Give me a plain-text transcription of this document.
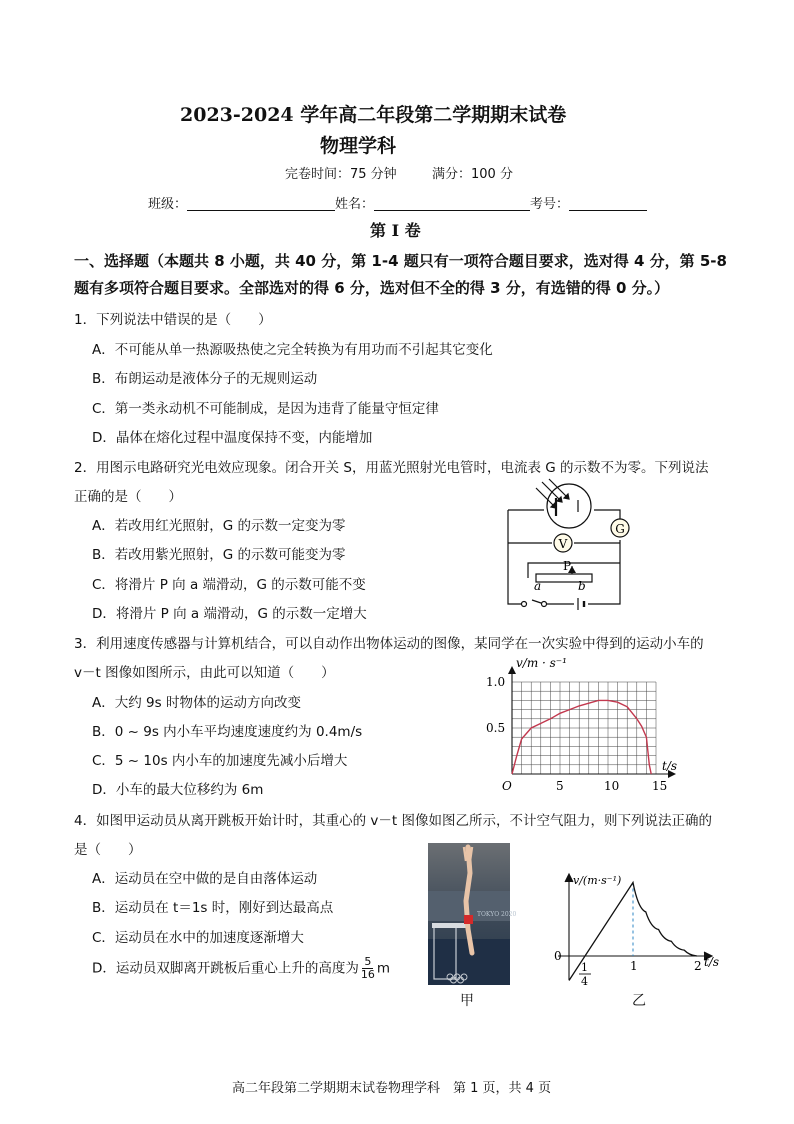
2023-2024 学年高二年段第二学期期末试卷
物理学科
完卷时间：75 分钟	满分：100 分
班级：	姓名：	考号：
第 I 卷
一、选择题（本题共 8 小题，共 40 分，第 1-4 题只有一项符合题目要求，选对得 4 分，第 5-8
题有多项符合题目要求。全部选对的得 6 分，选对但不全的得 3 分，有选错的得 0 分。）
1．下列说法中错误的是（　　）
A．不可能从单一热源吸热使之完全转换为有用功而不引起其它变化
B．布朗运动是液体分子的无规则运动
C．第一类永动机不可能制成，是因为违背了能量守恒定律
D．晶体在熔化过程中温度保持不变，内能增加
2．用图示电路研究光电效应现象。闭合开关 S，用蓝光照射光电管时，电流表 G 的示数不为零。下列说法
正确的是（　　）
A．若改用红光照射，G 的示数一定变为零
B．若改用紫光照射，G 的示数可能变为零
C．将滑片 P 向 a 端滑动，G 的示数可能不变
D．将滑片 P 向 a 端滑动，G 的示数一定增大
G
V
P
a	b
3．利用速度传感器与计算机结合，可以自动作出物体运动的图像，某同学在一次实验中得到的运动小车的
v－t 图像如图所示，由此可以知道（　　）
A．大约 9s 时物体的运动方向改变
B．0 ~ 9s 内小车平均速度速度约为 0.4m/s
C．5 ~ 10s 内小车的加速度先减小后增大
D．小车的最大位移约为 6m	O	5	10	15
0.5
1.0
v/m · s⁻¹
t/s
4．如图甲运动员从离开跳板开始计时，其重心的 v－t 图像如图乙所示，不计空气阻力，则下列说法正确的
是（　　）
A．运动员在空中做的是自由落体运动
B．运动员在 t＝1s 时，刚好到达最高点
C．运动员在水中的加速度逐渐增大
D．运动员双脚离开跳板后重心上升的高度为 $\frac{5}{16}$ m
TOKYO 2020
甲
v/(m·s⁻¹)
t/s
0
1
4
1	2
乙
高二年段第二学期期末试卷物理学科　第 1 页，共 4 页
